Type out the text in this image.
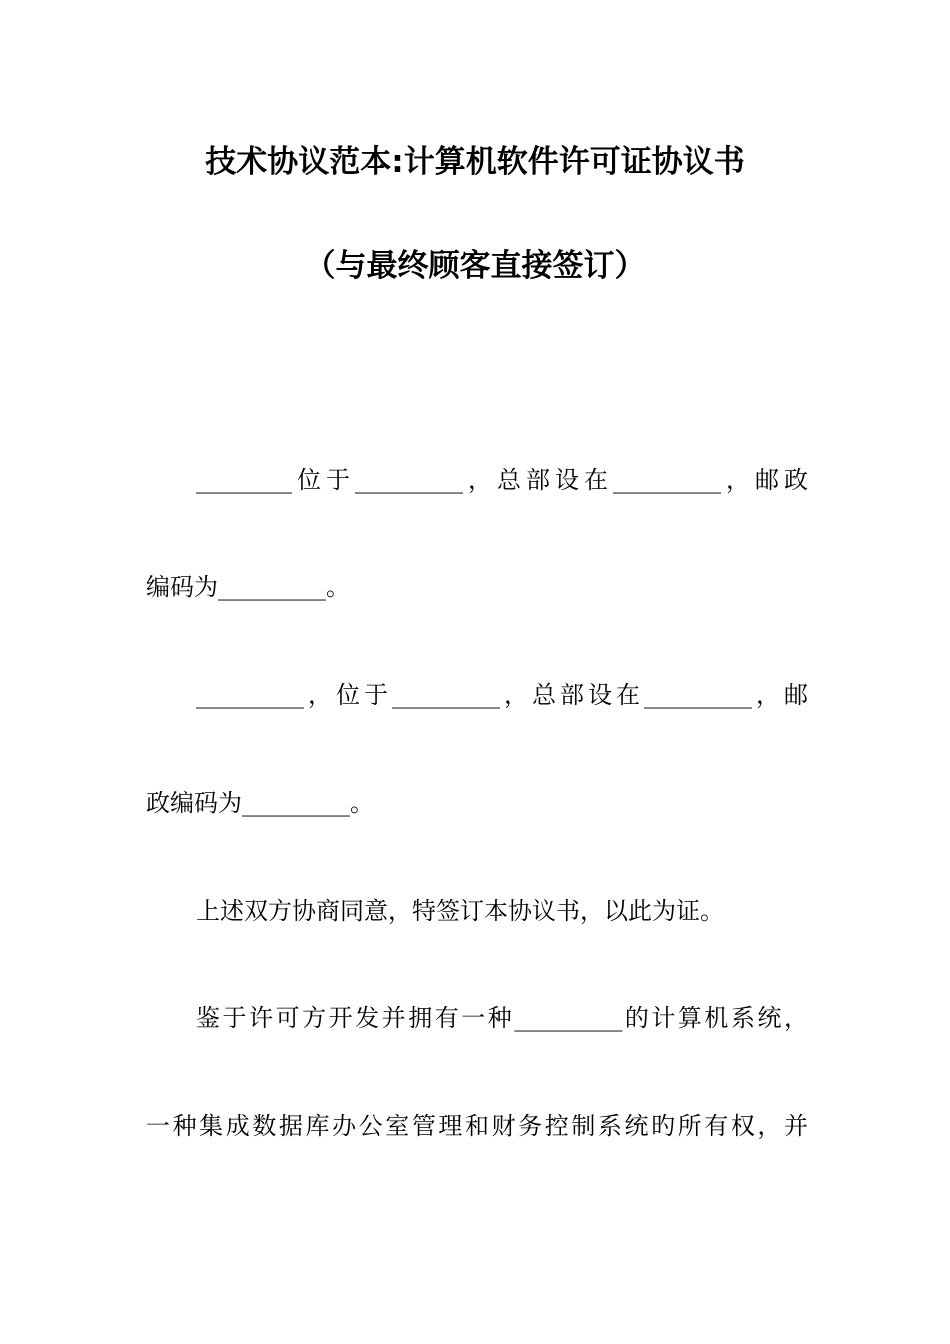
技术协议范本:计算机软件许可证协议书
（与最终顾客直接签订）
________位于_________，总部设在_________，邮政
编码为_________。
_________，位于_________，总部设在_________，邮
政编码为_________。
上述双方协商同意，特签订本协议书，以此为证。
鉴于许可方开发并拥有一种_________的计算机系统，
一种集成数据库办公室管理和财务控制系统旳所有权，并
